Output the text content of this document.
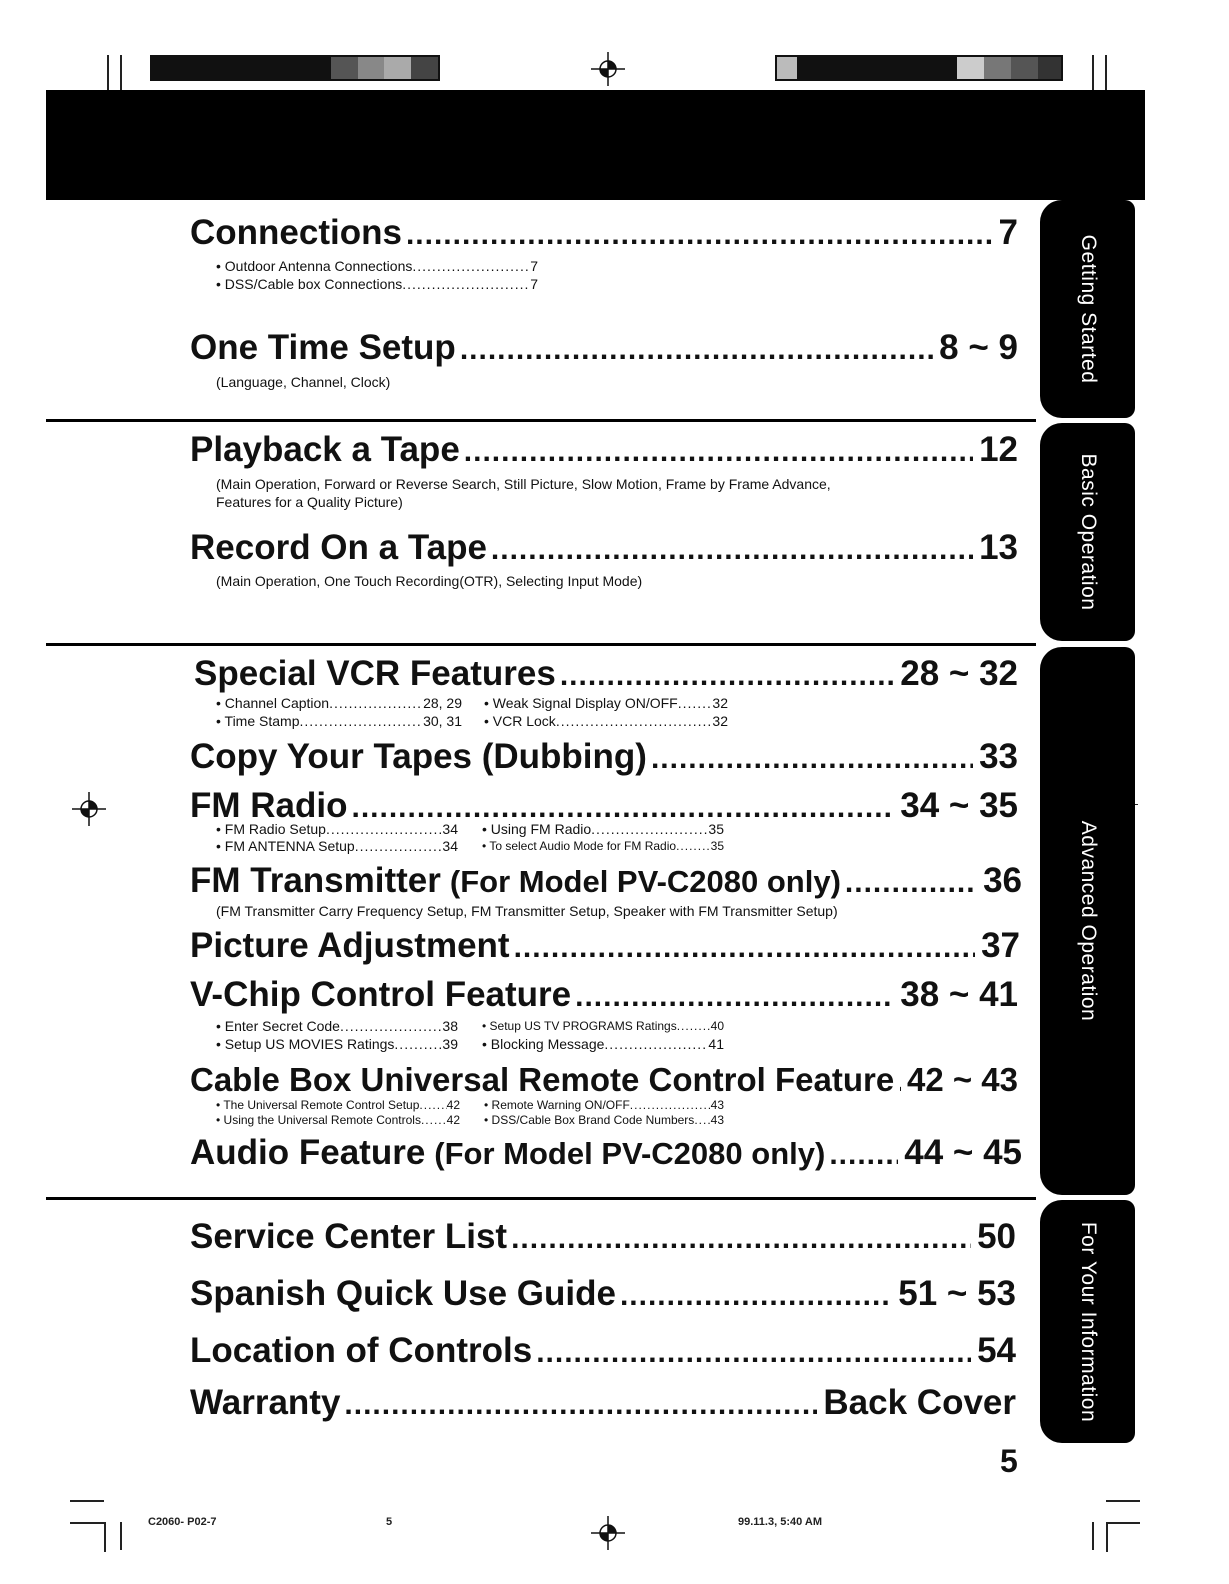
Getting Started
Basic Operation
Advanced Operation
For Your Information
Connections .....	7
• Outdoor Antenna Connections .....	7
• DSS/Cable box Connections .....	7
One Time Setup .....	8 ~ 9
(Language, Channel, Clock)
Playback a Tape .....	12
(Main Operation, Forward or Reverse Search, Still Picture, Slow Motion, Frame by Frame Advance,
Features for a Quality Picture)
Record On a Tape .....	13
(Main Operation, One Touch Recording(OTR), Selecting Input Mode)
Special VCR Features .....	28 ~ 32
• Channel Caption .....	28, 29
• Time Stamp .....	30, 31
• Weak Signal Display ON/OFF ..... 32
• VCR Lock .....	32
Copy Your Tapes (Dubbing) .....	33
FM Radio .....	34 ~ 35
• FM Radio Setup .....	34
• FM ANTENNA Setup .....	34
• Using FM Radio .....	35
• To select Audio Mode for FM Radio .....	35
FM Transmitter (For Model PV-C2080 only) .....	36
(FM Transmitter Carry Frequency Setup, FM Transmitter Setup, Speaker with FM Transmitter Setup)
Picture Adjustment .....	37
V-Chip Control Feature .....	38 ~ 41
• Enter Secret Code .....	38
• Setup US MOVIES Ratings .....	39
• Setup US TV PROGRAMS Ratings .....	40
• Blocking Message .....	41
Cable Box Universal Remote Control Feature ..... 42 ~ 43
• The Universal Remote Control Setup ..... 42
• Using the Universal Remote Controls ..... 42
• Remote Warning ON/OFF .....	43
• DSS/Cable Box Brand Code Numbers ..... 43
Audio Feature (For Model PV-C2080 only) ..... 44 ~ 45
Service Center List .....	50
Spanish Quick Use Guide .....	51 ~ 53
Location of Controls .....	54
Warranty .....	Back Cover
5
C2060- P02-7	5	99.11.3, 5:40 AM
